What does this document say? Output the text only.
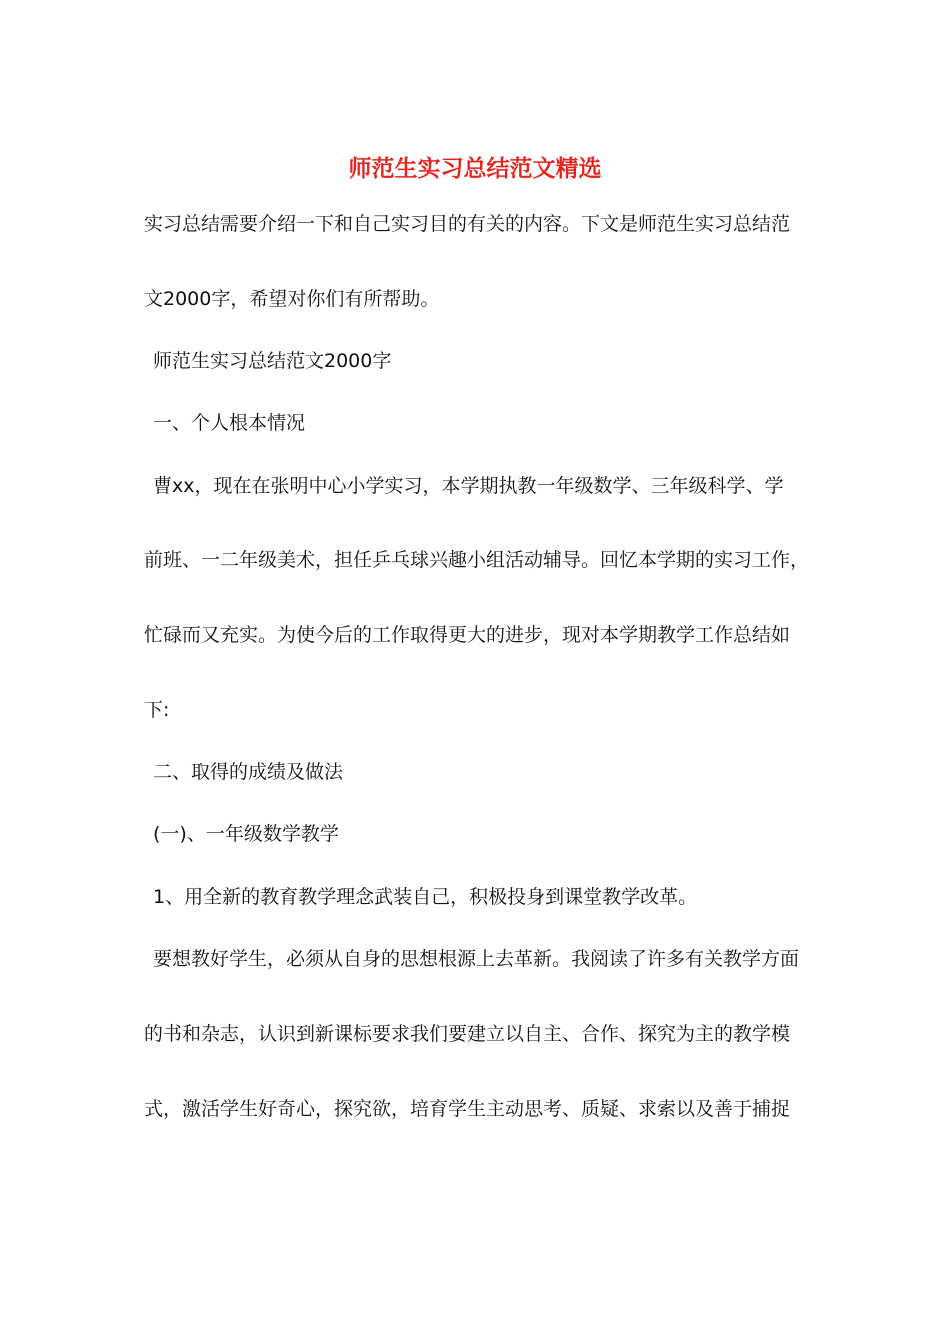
师范生实习总结范文精选
实习总结需要介绍一下和自己实习目的有关的内容。下文是师范生实习总结范
文2000字，希望对你们有所帮助。
师范生实习总结范文2000字
一、个人根本情况
曹xx，现在在张明中心小学实习，本学期执教一年级数学、三年级科学、学
前班、一二年级美术，担任乒乓球兴趣小组活动辅导。回忆本学期的实习工作，
忙碌而又充实。为使今后的工作取得更大的进步，现对本学期教学工作总结如
下:
二、取得的成绩及做法
(一)、一年级数学教学
1、用全新的教育教学理念武装自己，积极投身到课堂教学改革。
要想教好学生，必须从自身的思想根源上去革新。我阅读了许多有关教学方面
的书和杂志，认识到新课标要求我们要建立以自主、合作、探究为主的教学模
式，激活学生好奇心，探究欲，培育学生主动思考、质疑、求索以及善于捕捉
